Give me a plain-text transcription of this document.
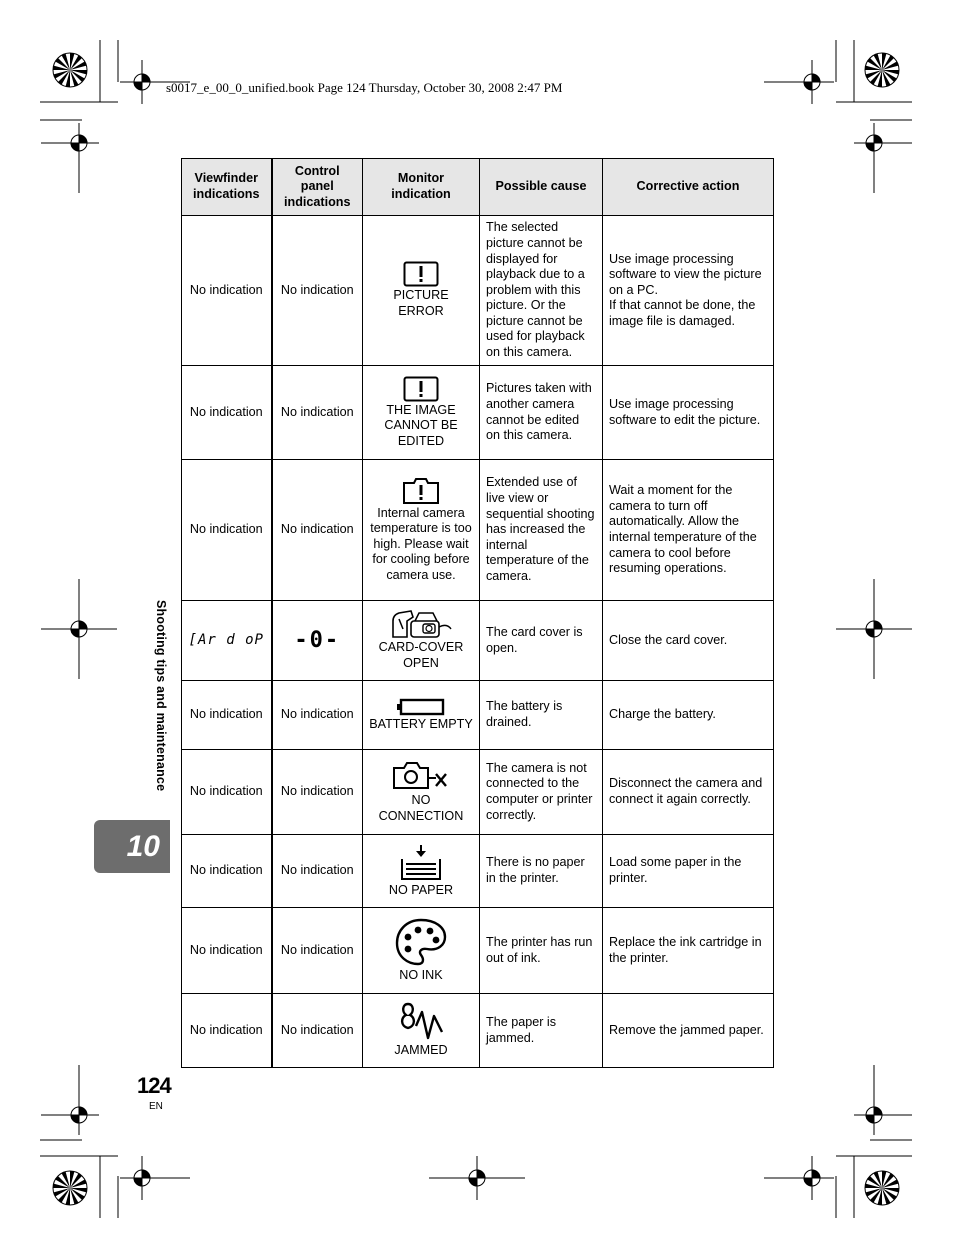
s0017_e_00_0_unified.book Page 124 Thursday, October 30, 2008 2:47 PM
Shooting tips and maintenance
10
Viewfinder indications	Control panel indications	Monitor indication	Possible cause	Corrective action
No indication	No indication	PICTURE ERROR	The selected picture cannot be displayed for playback due to a problem with this picture. Or the picture cannot be used for playback on this camera.	Use image processing software to view the picture on a PC.
If that cannot be done, the image file is damaged.
No indication	No indication	THE IMAGE CANNOT BE EDITED	Pictures taken with another camera cannot be edited on this camera.	Use image processing software to edit the picture.
No indication	No indication	Internal camera temperature is too high. Please wait for cooling before camera use.	Extended use of live view or sequential shooting has increased the internal temperature of the camera.	Wait a moment for the camera to turn off automatically. Allow the internal temperature of the camera to cool before resuming operations.
[Ar d oP	-0-	CARD-COVER OPEN	The card cover is open.	Close the card cover.
No indication	No indication	BATTERY EMPTY	The battery is drained.	Charge the battery.
No indication	No indication	NO CONNECTION	The camera is not connected to the computer or printer correctly.	Disconnect the camera and connect it again correctly.
No indication	No indication	NO PAPER	There is no paper in the printer.	Load some paper in the printer.
No indication	No indication	NO INK	The printer has run out of ink.	Replace the ink cartridge in the printer.
No indication	No indication	JAMMED	The paper is jammed.	Remove the jammed paper.
124
EN
